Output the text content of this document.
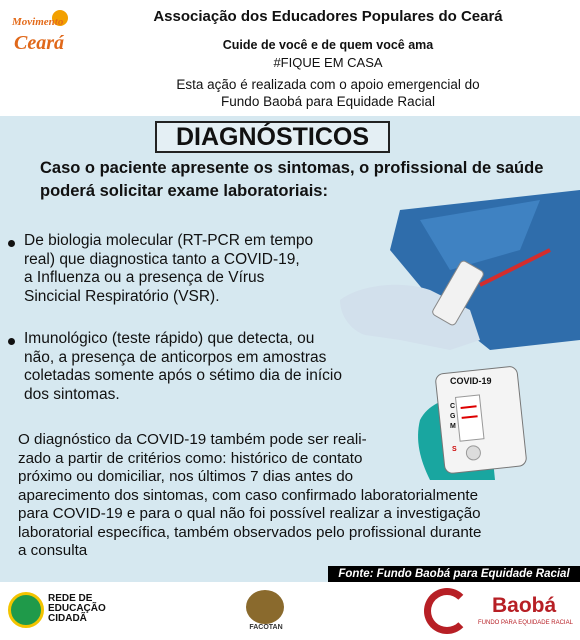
Movimento
Ceará
Associação dos Educadores Populares do Ceará
Cuide de você e de quem você ama
#FIQUE EM CASA
Esta ação é realizada com o apoio emergencial do
Fundo Baobá para Equidade Racial
COVID-19
C
G
M
S
DIAGNÓSTICOS
Caso o paciente apresente os sintomas, o profissional de saúde
poderá solicitar exame laboratoriais:
De biologia molecular (RT-PCR em tempo
real) que diagnostica tanto a COVID-19,
a Influenza ou a presença de Vírus
Sincicial Respiratório (VSR).
Imunológico (teste rápido) que detecta, ou
não, a presença de anticorpos em amostras
coletadas somente após o sétimo dia de início
dos sintomas.
O diagnóstico da COVID-19 também pode ser reali-
zado a partir de critérios como: histórico de contato
próximo ou domiciliar, nos últimos 7 dias antes do
aparecimento dos sintomas, com caso confirmado laboratorialmente
para COVID-19 e para o qual não foi possível realizar a investigação
laboratorial específica, também observados pelo profissional durante
a consulta
Fonte: Fundo Baobá para Equidade Racial
REDE DE
EDUCAÇÃO
CIDADÃ
FACOTAN
Baobá
FUNDO PARA EQUIDADE RACIAL
